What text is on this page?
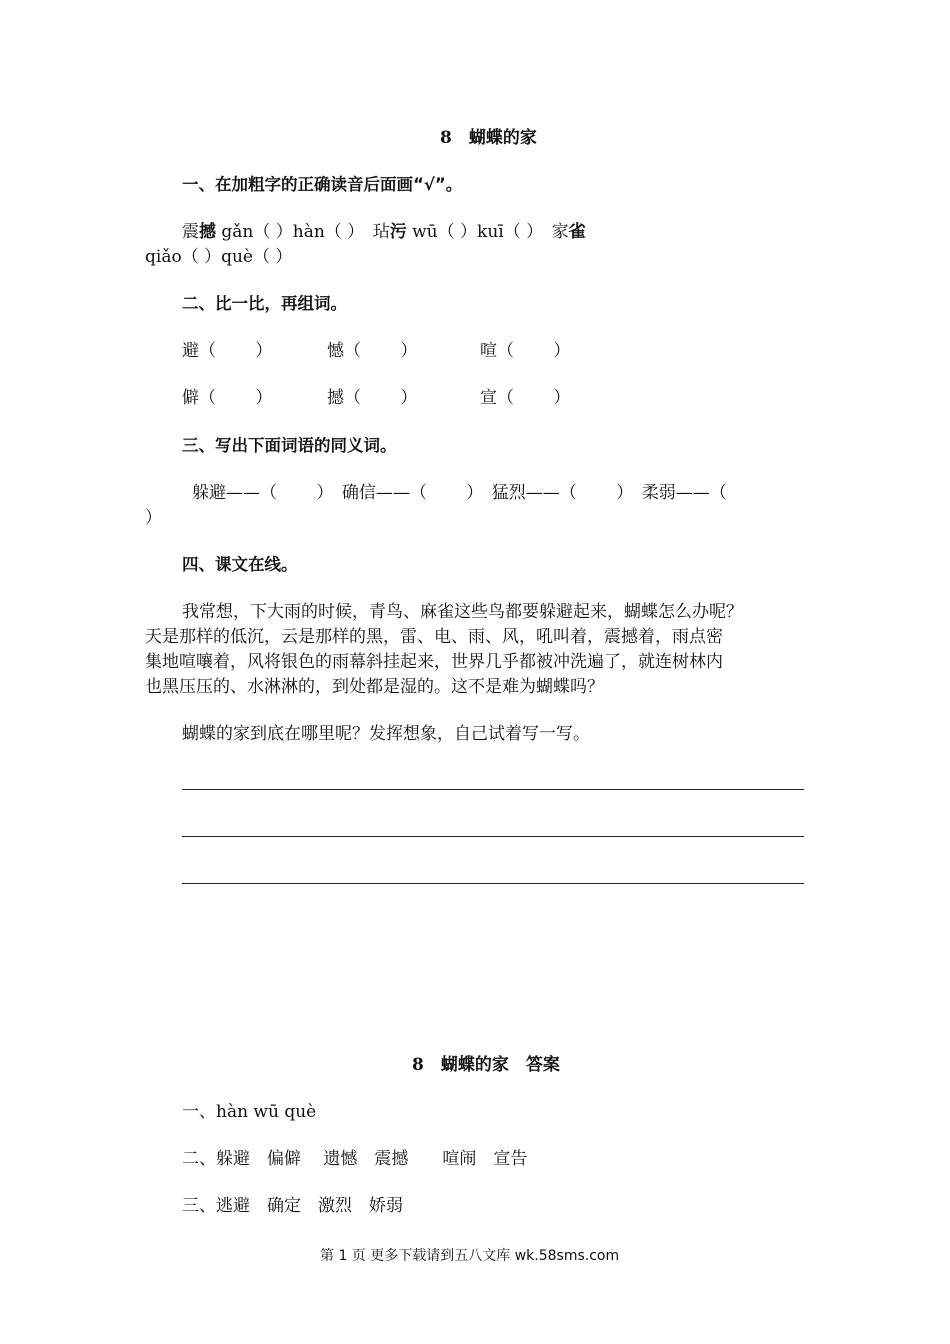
8　蝴蝶的家
一、在加粗字的正确读音后面画“√”。
震撼 gǎn（ ）hàn（ ）　玷污 wū（ ）kuī（ ）　家雀
qiǎo（ ）què（ ）
二、比一比，再组词。
避（　　 ）	憾（　　 ）	喧（　　 ）
僻（　　 ）	撼（　　 ）	宣（　　 ）
三、写出下面词语的同义词。
躲避——（　　 ）　确信——（　　 ）　猛烈——（　　 ）　柔弱——（
）
四、课文在线。
我常想，下大雨的时候，青鸟、麻雀这些鸟都要躲避起来，蝴蝶怎么办呢？
天是那样的低沉，云是那样的黑，雷、电、雨、风，吼叫着，震撼着，雨点密
集地喧嚷着，风将银色的雨幕斜挂起来，世界几乎都被冲洗遍了，就连树林内
也黑压压的、水淋淋的，到处都是湿的。这不是难为蝴蝶吗？
蝴蝶的家到底在哪里呢？发挥想象，自己试着写一写。
8　蝴蝶的家　答案
一、hàn wū què
二、躲避　偏僻　 遗憾　震撼　　喧闹　宣告
三、逃避　确定　激烈　娇弱
第 1 页 更多下载请到五八文库 wk.58sms.com
